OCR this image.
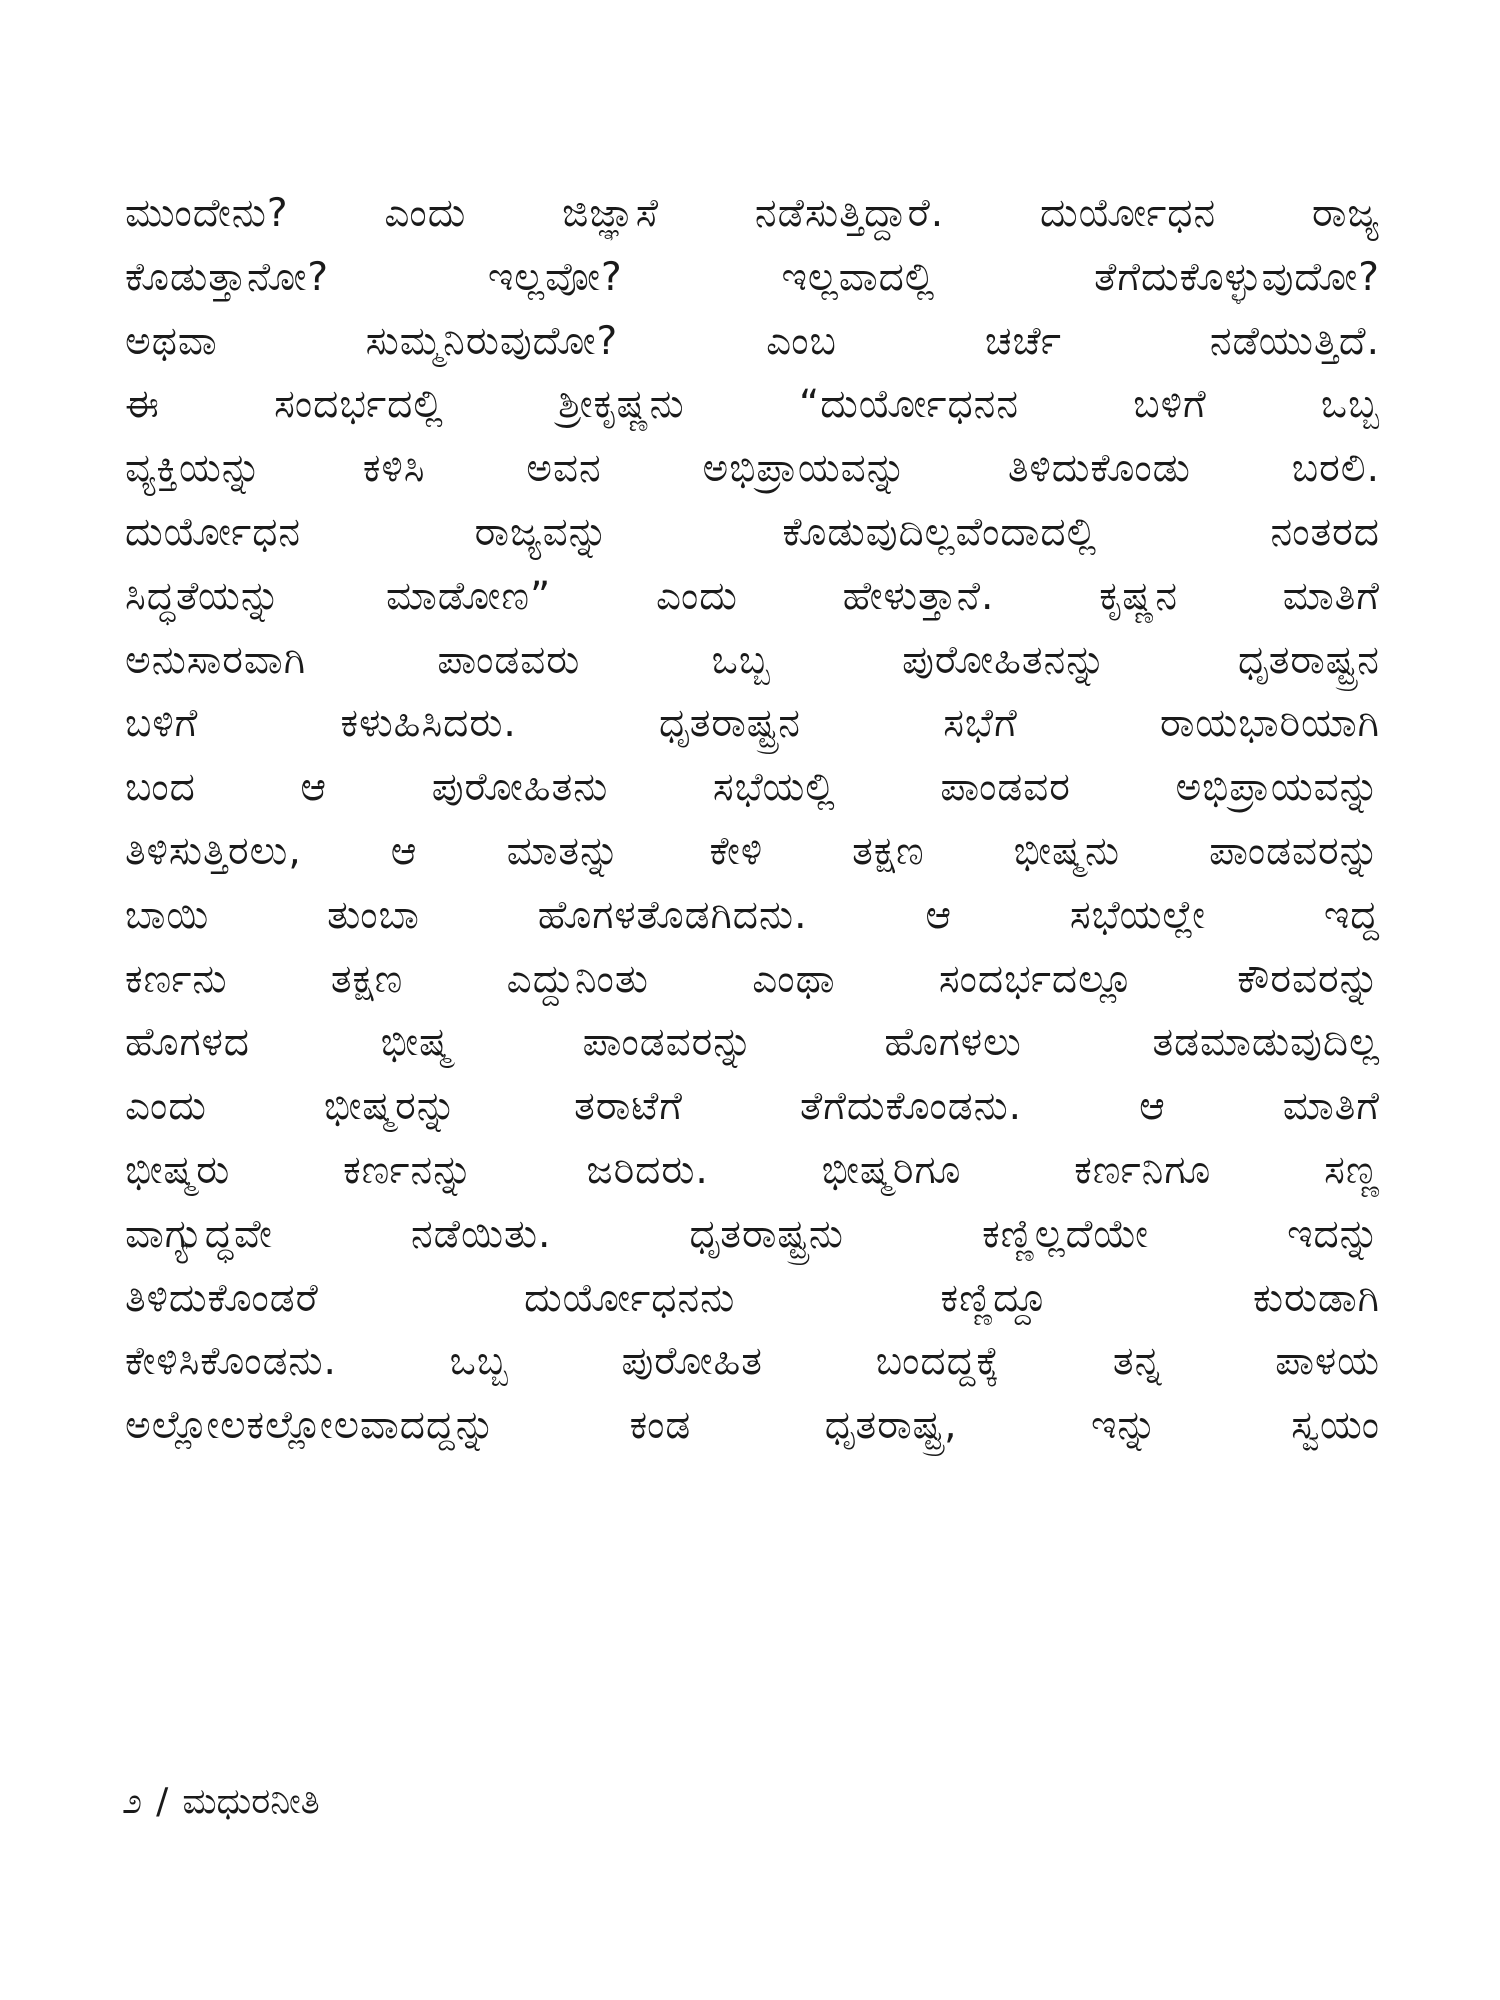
ಮುಂದೇನು? ಎಂದು ಜಿಜ್ಞಾಸೆ ನಡೆಸುತ್ತಿದ್ದಾರೆ. ದುರ್ಯೋಧನ ರಾಜ್ಯ
ಕೊಡುತ್ತಾನೋ? ಇಲ್ಲವೋ? ಇಲ್ಲವಾದಲ್ಲಿ ತೆಗೆದುಕೊಳ್ಳುವುದೋ?
ಅಥವಾ ಸುಮ್ಮನಿರುವುದೋ? ಎಂಬ ಚರ್ಚೆ ನಡೆಯುತ್ತಿದೆ.
ಈ ಸಂದರ್ಭದಲ್ಲಿ ಶ್ರೀಕೃಷ್ಣನು “ದುರ್ಯೋಧನನ ಬಳಿಗೆ ಒಬ್ಬ
ವ್ಯಕ್ತಿಯನ್ನು ಕಳಿಸಿ ಅವನ ಅಭಿಪ್ರಾಯವನ್ನು ತಿಳಿದುಕೊಂಡು ಬರಲಿ.
ದುರ್ಯೋಧನ ರಾಜ್ಯವನ್ನು ಕೊಡುವುದಿಲ್ಲವೆಂದಾದಲ್ಲಿ ನಂತರದ
ಸಿದ್ಧತೆಯನ್ನು ಮಾಡೋಣ” ಎಂದು ಹೇಳುತ್ತಾನೆ. ಕೃಷ್ಣನ ಮಾತಿಗೆ
ಅನುಸಾರವಾಗಿ ಪಾಂಡವರು ಒಬ್ಬ ಪುರೋಹಿತನನ್ನು ಧೃತರಾಷ್ಟ್ರನ
ಬಳಿಗೆ ಕಳುಹಿಸಿದರು. ಧೃತರಾಷ್ಟ್ರನ ಸಭೆಗೆ ರಾಯಭಾರಿಯಾಗಿ
ಬಂದ ಆ ಪುರೋಹಿತನು ಸಭೆಯಲ್ಲಿ ಪಾಂಡವರ ಅಭಿಪ್ರಾಯವನ್ನು
ತಿಳಿಸುತ್ತಿರಲು, ಆ ಮಾತನ್ನು ಕೇಳಿ ತಕ್ಷಣ ಭೀಷ್ಮನು ಪಾಂಡವರನ್ನು
ಬಾಯಿ ತುಂಬಾ ಹೊಗಳತೊಡಗಿದನು. ಆ ಸಭೆಯಲ್ಲೇ ಇದ್ದ
ಕರ್ಣನು ತಕ್ಷಣ ಎದ್ದುನಿಂತು ಎಂಥಾ ಸಂದರ್ಭದಲ್ಲೂ ಕೌರವರನ್ನು
ಹೊಗಳದ ಭೀಷ್ಮ ಪಾಂಡವರನ್ನು ಹೊಗಳಲು ತಡಮಾಡುವುದಿಲ್ಲ
ಎಂದು ಭೀಷ್ಮರನ್ನು ತರಾಟೆಗೆ ತೆಗೆದುಕೊಂಡನು. ಆ ಮಾತಿಗೆ
ಭೀಷ್ಮರು ಕರ್ಣನನ್ನು ಜರಿದರು. ಭೀಷ್ಮರಿಗೂ ಕರ್ಣನಿಗೂ ಸಣ್ಣ
ವಾಗ್ಯುದ್ಧವೇ ನಡೆಯಿತು. ಧೃತರಾಷ್ಟ್ರನು ಕಣ್ಣಿಲ್ಲದೆಯೇ ಇದನ್ನು
ತಿಳಿದುಕೊಂಡರೆ ದುರ್ಯೋಧನನು ಕಣ್ಣಿದ್ದೂ ಕುರುಡಾಗಿ
ಕೇಳಿಸಿಕೊಂಡನು. ಒಬ್ಬ ಪುರೋಹಿತ ಬಂದದ್ದಕ್ಕೆ ತನ್ನ ಪಾಳಯ
ಅಲ್ಲೋಲಕಲ್ಲೋಲವಾದದ್ದನ್ನು ಕಂಡ ಧೃತರಾಷ್ಟ್ರ, ಇನ್ನು ಸ್ವಯಂ
೨ / ಮಧುರನೀತಿ
